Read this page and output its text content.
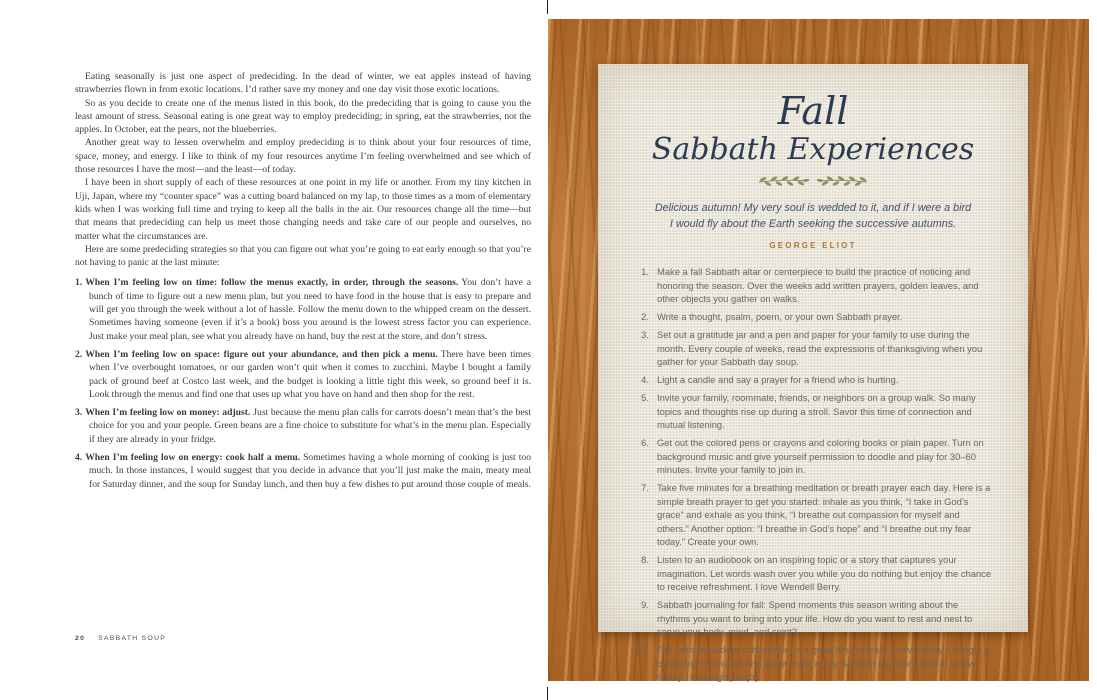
Eating seasonally is just one aspect of predeciding. In the dead of winter, we eat apples instead of having strawberries flown in from exotic locations. I’d rather save my money and one day visit those exotic locations.

So as you decide to create one of the menus listed in this book, do the predeciding that is going to cause you the least amount of stress. Seasonal eating is one great way to employ predeciding; in spring, eat the strawberries, not the apples. In October, eat the pears, not the blueberries.

Another great way to lessen overwhelm and employ predeciding is to think about your four resources of time, space, money, and energy. I like to think of my four resources anytime I’m feeling overwhelmed and see which of those resources I have the most—and the least—of today.

I have been in short supply of each of these resources at one point in my life or another. From my tiny kitchen in Uji, Japan, where my “counter space” was a cutting board balanced on my lap, to those times as a mom of elementary kids when I was working full time and trying to keep all the balls in the air. Our resources change all the time—but that means that predeciding can help us meet those changing needs and take care of our people and ourselves, no matter what the circumstances are.

Here are some predeciding strategies so that you can figure out what you’re going to eat early enough so that you’re not having to panic at the last minute:

1. When I’m feeling low on time: follow the menus exactly, in order, through the seasons. You don’t have a bunch of time to figure out a new menu plan, but you need to have food in the house that is easy to prepare and will get you through the week without a lot of hassle. Follow the menu down to the whipped cream on the dessert. Sometimes having someone (even if it’s a book) boss you around is the lowest stress factor you can experience. Just make your meal plan, see what you already have on hand, buy the rest at the store, and don’t stress.

2. When I’m feeling low on space: figure out your abundance, and then pick a menu. There have been times when I’ve overbought tomatoes, or our garden won’t quit when it comes to zucchini. Maybe I bought a family pack of ground beef at Costco last week, and the budget is looking a little tight this week, so ground beef it is. Look through the menus and find one that uses up what you have on hand and then shop for the rest.

3. When I’m feeling low on money: adjust. Just because the menu plan calls for carrots doesn’t mean that’s the best choice for you and your people. Green beans are a fine choice to substitute for what’s in the menu plan. Especially if they are already in your fridge.

4. When I’m feeling low on energy: cook half a menu. Sometimes having a whole morning of cooking is just too much. In those instances, I would suggest that you decide in advance that you’ll just make the main, meaty meal for Saturday dinner, and the soup for Sunday lunch, and then buy a few dishes to put around those couple of meals.

20 SABBATH SOUP
Fall
Sabbath Experiences
Delicious autumn! My very soul is wedded to it, and if I were a bird
I would fly about the Earth seeking the successive autumns.
GEORGE ELIOT
1. Make a fall Sabbath altar or centerpiece to build the practice of noticing and honoring the season. Over the weeks add written prayers, golden leaves, and other objects you gather on walks.
2. Write a thought, psalm, poem, or your own Sabbath prayer.
3. Set out a gratitude jar and a pen and paper for your family to use during the month. Every couple of weeks, read the expressions of thanksgiving when you gather for your Sabbath day soup.
4. Light a candle and say a prayer for a friend who is hurting.
5. Invite your family, roommate, friends, or neighbors on a group walk. So many topics and thoughts rise up during a stroll. Savor this time of connection and mutual listening.
6. Get out the colored pens or crayons and coloring books or plain paper. Turn on background music and give yourself permission to doodle and play for 30–60 minutes. Invite your family to join in.
7. Take five minutes for a breathing meditation or breath prayer each day. Here is a simple breath prayer to get you started: inhale as you think, “I take in God’s grace” and exhale as you think, “I breathe out compassion for myself and others.” Another option: “I breathe in God’s hope” and “I breathe out my fear today.” Create your own.
8. Listen to an audiobook on an inspiring topic or a story that captures your imagination. Let words wash over you while you do nothing but enjoy the chance to receive refreshment. I love Wendell Berry.
9. Sabbath journaling for fall: Spend moments this season writing about the rhythms you want to bring into your life. How do you want to rest and nest to serve your body, mind, and spirit?
10. Fall, with its back-to-school vibe, is a great time to learn a new hobby. I bought a beginning crochet kit and spent some of my Sabbath day being bad at a new hobby I thoroughly enjoy.
